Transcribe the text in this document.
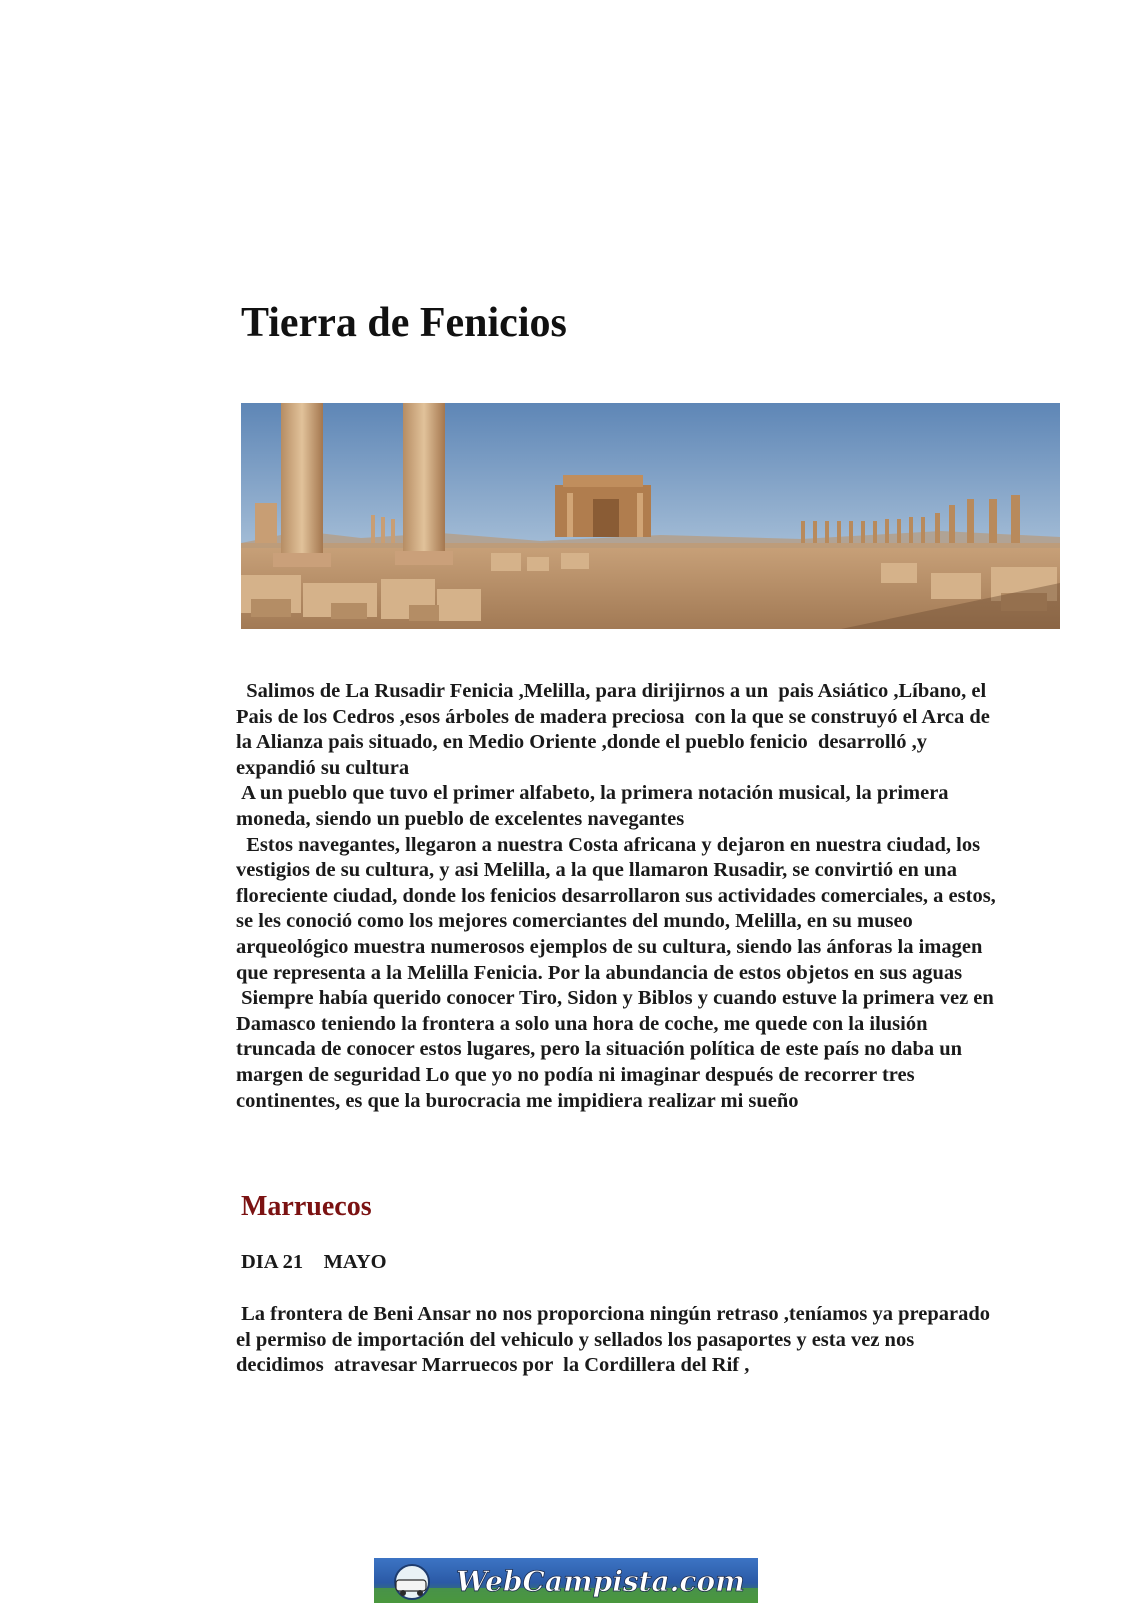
Tierra de Fenicios

Salimos de La Rusadir Fenicia ,Melilla, para dirijirnos a un  pais Asiático ,Líbano, el Pais de los Cedros ,esos árboles de madera preciosa  con la que se construyó el Arca de la Alianza pais situado, en Medio Oriente ,donde el pueblo fenicio  desarrolló ,y expandió su cultura

A un pueblo que tuvo el primer alfabeto, la primera notación musical, la primera moneda, siendo un pueblo de excelentes navegantes

Estos navegantes, llegaron a nuestra Costa africana y dejaron en nuestra ciudad, los vestigios de su cultura, y asi Melilla, a la que llamaron Rusadir, se convirtió en una floreciente ciudad, donde los fenicios desarrollaron sus actividades comerciales, a estos, se les conoció como los mejores comerciantes del mundo, Melilla, en su museo arqueológico muestra numerosos ejemplos de su cultura, siendo las ánforas la imagen que representa a la Melilla Fenicia. Por la abundancia de estos objetos en sus aguas

Siempre había querido conocer Tiro, Sidon y Biblos y cuando estuve la primera vez en Damasco teniendo la frontera a solo una hora de coche, me quede con la ilusión truncada de conocer estos lugares, pero la situación política de este país no daba un margen de seguridad Lo que yo no podía ni imaginar después de recorrer tres continentes, es que la burocracia me impidiera realizar mi sueño

Marruecos
DIA 21    MAYO

La frontera de Beni Ansar no nos proporciona ningún retraso ,teníamos ya preparado el permiso de importación del vehiculo y sellados los pasaportes y esta vez nos decidimos  atravesar Marruecos por  la Cordillera del Rif ,

WebCampista.com
